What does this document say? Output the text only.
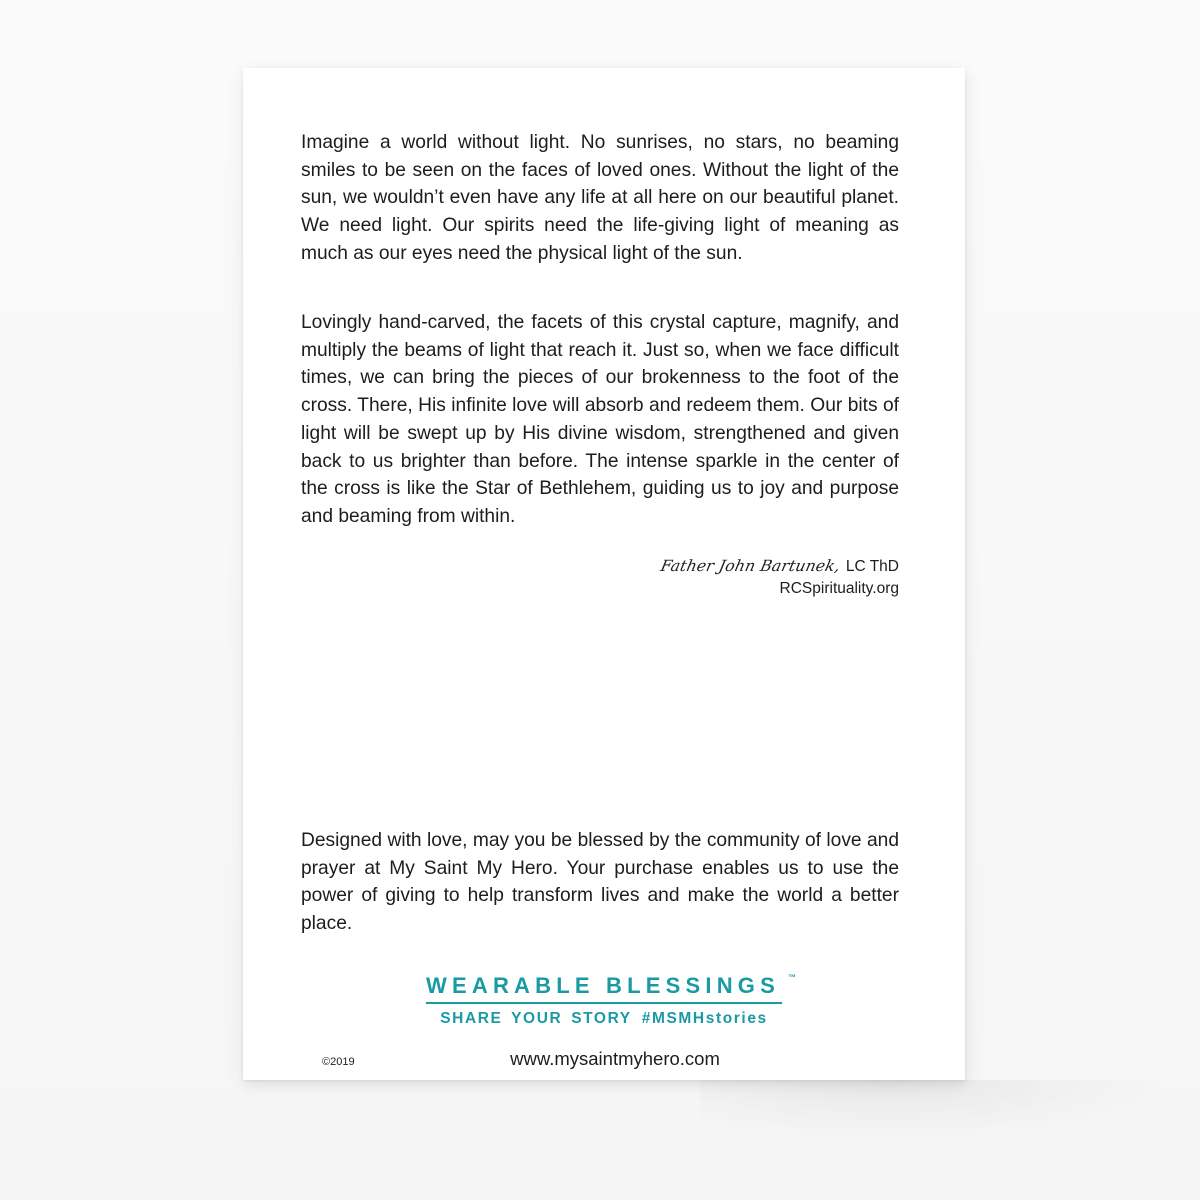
Imagine a world without light. No sunrises, no stars, no beaming smiles to be seen on the faces of loved ones. Without the light of the sun, we wouldn’t even have any life at all here on our beautiful planet. We need light. Our spirits need the life-giving light of meaning as much as our eyes need the physical light of the sun.

Lovingly hand-carved, the facets of this crystal capture, magnify, and multiply the beams of light that reach it. Just so, when we face difficult times, we can bring the pieces of our brokenness to the foot of the cross. There, His infinite love will absorb and redeem them. Our bits of light will be swept up by His divine wisdom, strengthened and given back to us brighter than before. The intense sparkle in the center of the cross is like the Star of Bethlehem, guiding us to joy and purpose and beaming from within.

Father John Bartunek, LC ThD
RCSpirituality.org

Designed with love, may you be blessed by the community of love and prayer at My Saint My Hero. Your purchase enables us to use the power of giving to help transform lives and make the world a better place.

WEARABLE BLESSINGS ™
SHARE YOUR STORY #MSMHstories
©2019	www.mysaintmyhero.com
